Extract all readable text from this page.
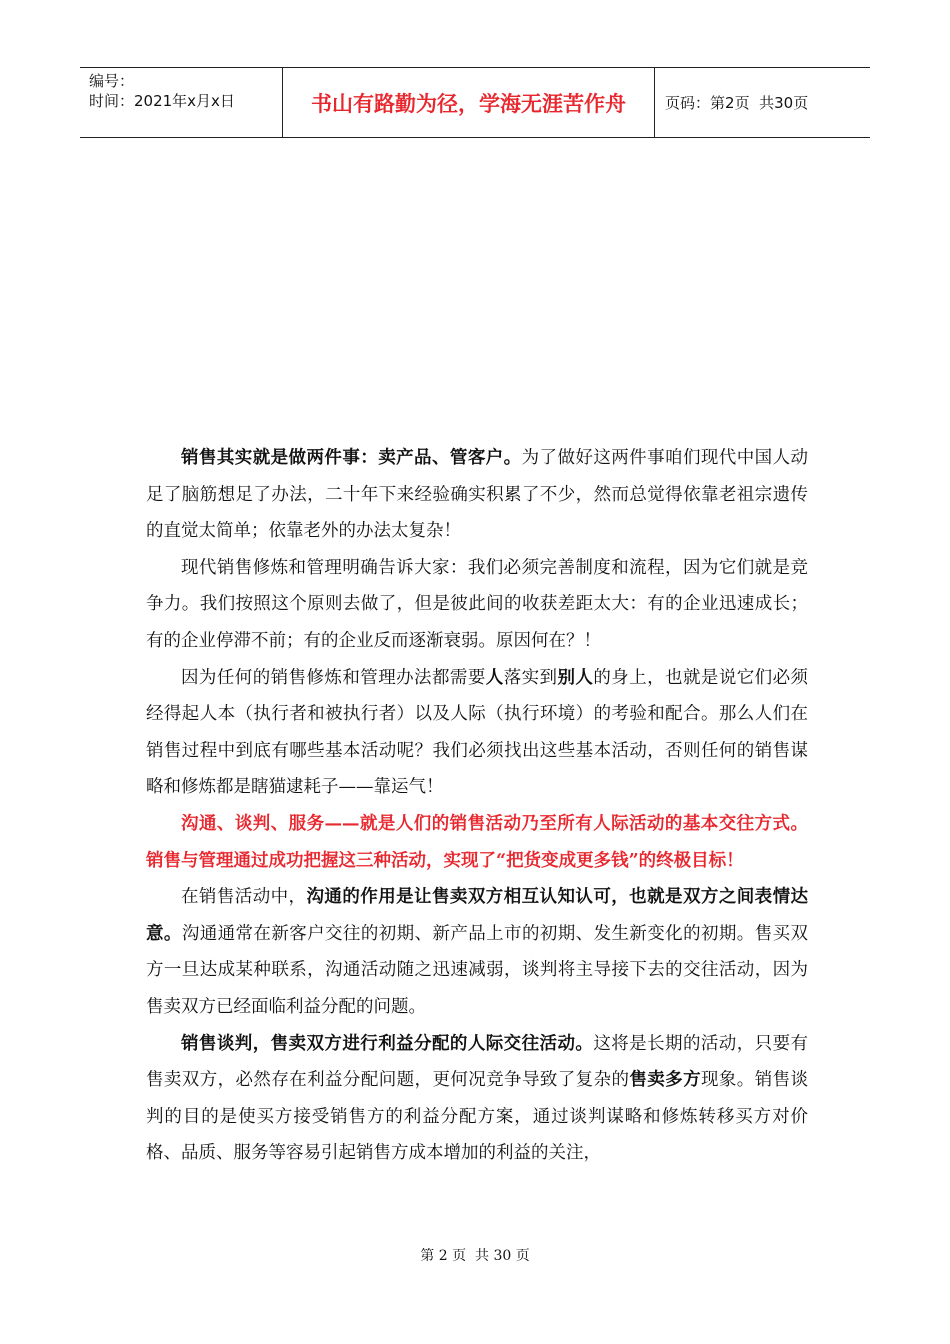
编号：
时间：2021年x月x日	书山有路勤为径，学海无涯苦作舟	页码：第 2 页  共 30 页

销售其实就是做两件事：卖产品、管客户。为了做好这两件事咱们现代中国人动足了脑筋想足了办法，二十年下来经验确实积累了不少，然而总觉得依靠老祖宗遗传的直觉太简单；依靠老外的办法太复杂！

现代销售修炼和管理明确告诉大家：我们必须完善制度和流程，因为它们就是竞争力。我们按照这个原则去做了，但是彼此间的收获差距太大：有的企业迅速成长；有的企业停滞不前；有的企业反而逐渐衰弱。原因何在？！

因为任何的销售修炼和管理办法都需要人落实到别人的身上，也就是说它们必须经得起人本（执行者和被执行者）以及人际（执行环境）的考验和配合。那么人们在销售过程中到底有哪些基本活动呢？我们必须找出这些基本活动，否则任何的销售谋略和修炼都是瞎猫逮耗子——靠运气！

沟通、谈判、服务——就是人们的销售活动乃至所有人际活动的基本交往方式。销售与管理通过成功把握这三种活动，实现了“把货变成更多钱”的终极目标！

在销售活动中，沟通的作用是让售卖双方相互认知认可，也就是双方之间表情达意。沟通通常在新客户交往的初期、新产品上市的初期、发生新变化的初期。售买双方一旦达成某种联系，沟通活动随之迅速减弱，谈判将主导接下去的交往活动，因为售卖双方已经面临利益分配的问题。

销售谈判，售卖双方进行利益分配的人际交往活动。这将是长期的活动，只要有售卖双方，必然存在利益分配问题，更何况竞争导致了复杂的售卖多方现象。销售谈判的目的是使买方接受销售方的利益分配方案，通过谈判谋略和修炼转移买方对价格、品质、服务等容易引起销售方成本增加的利益的关注，

第 2 页  共 30 页
